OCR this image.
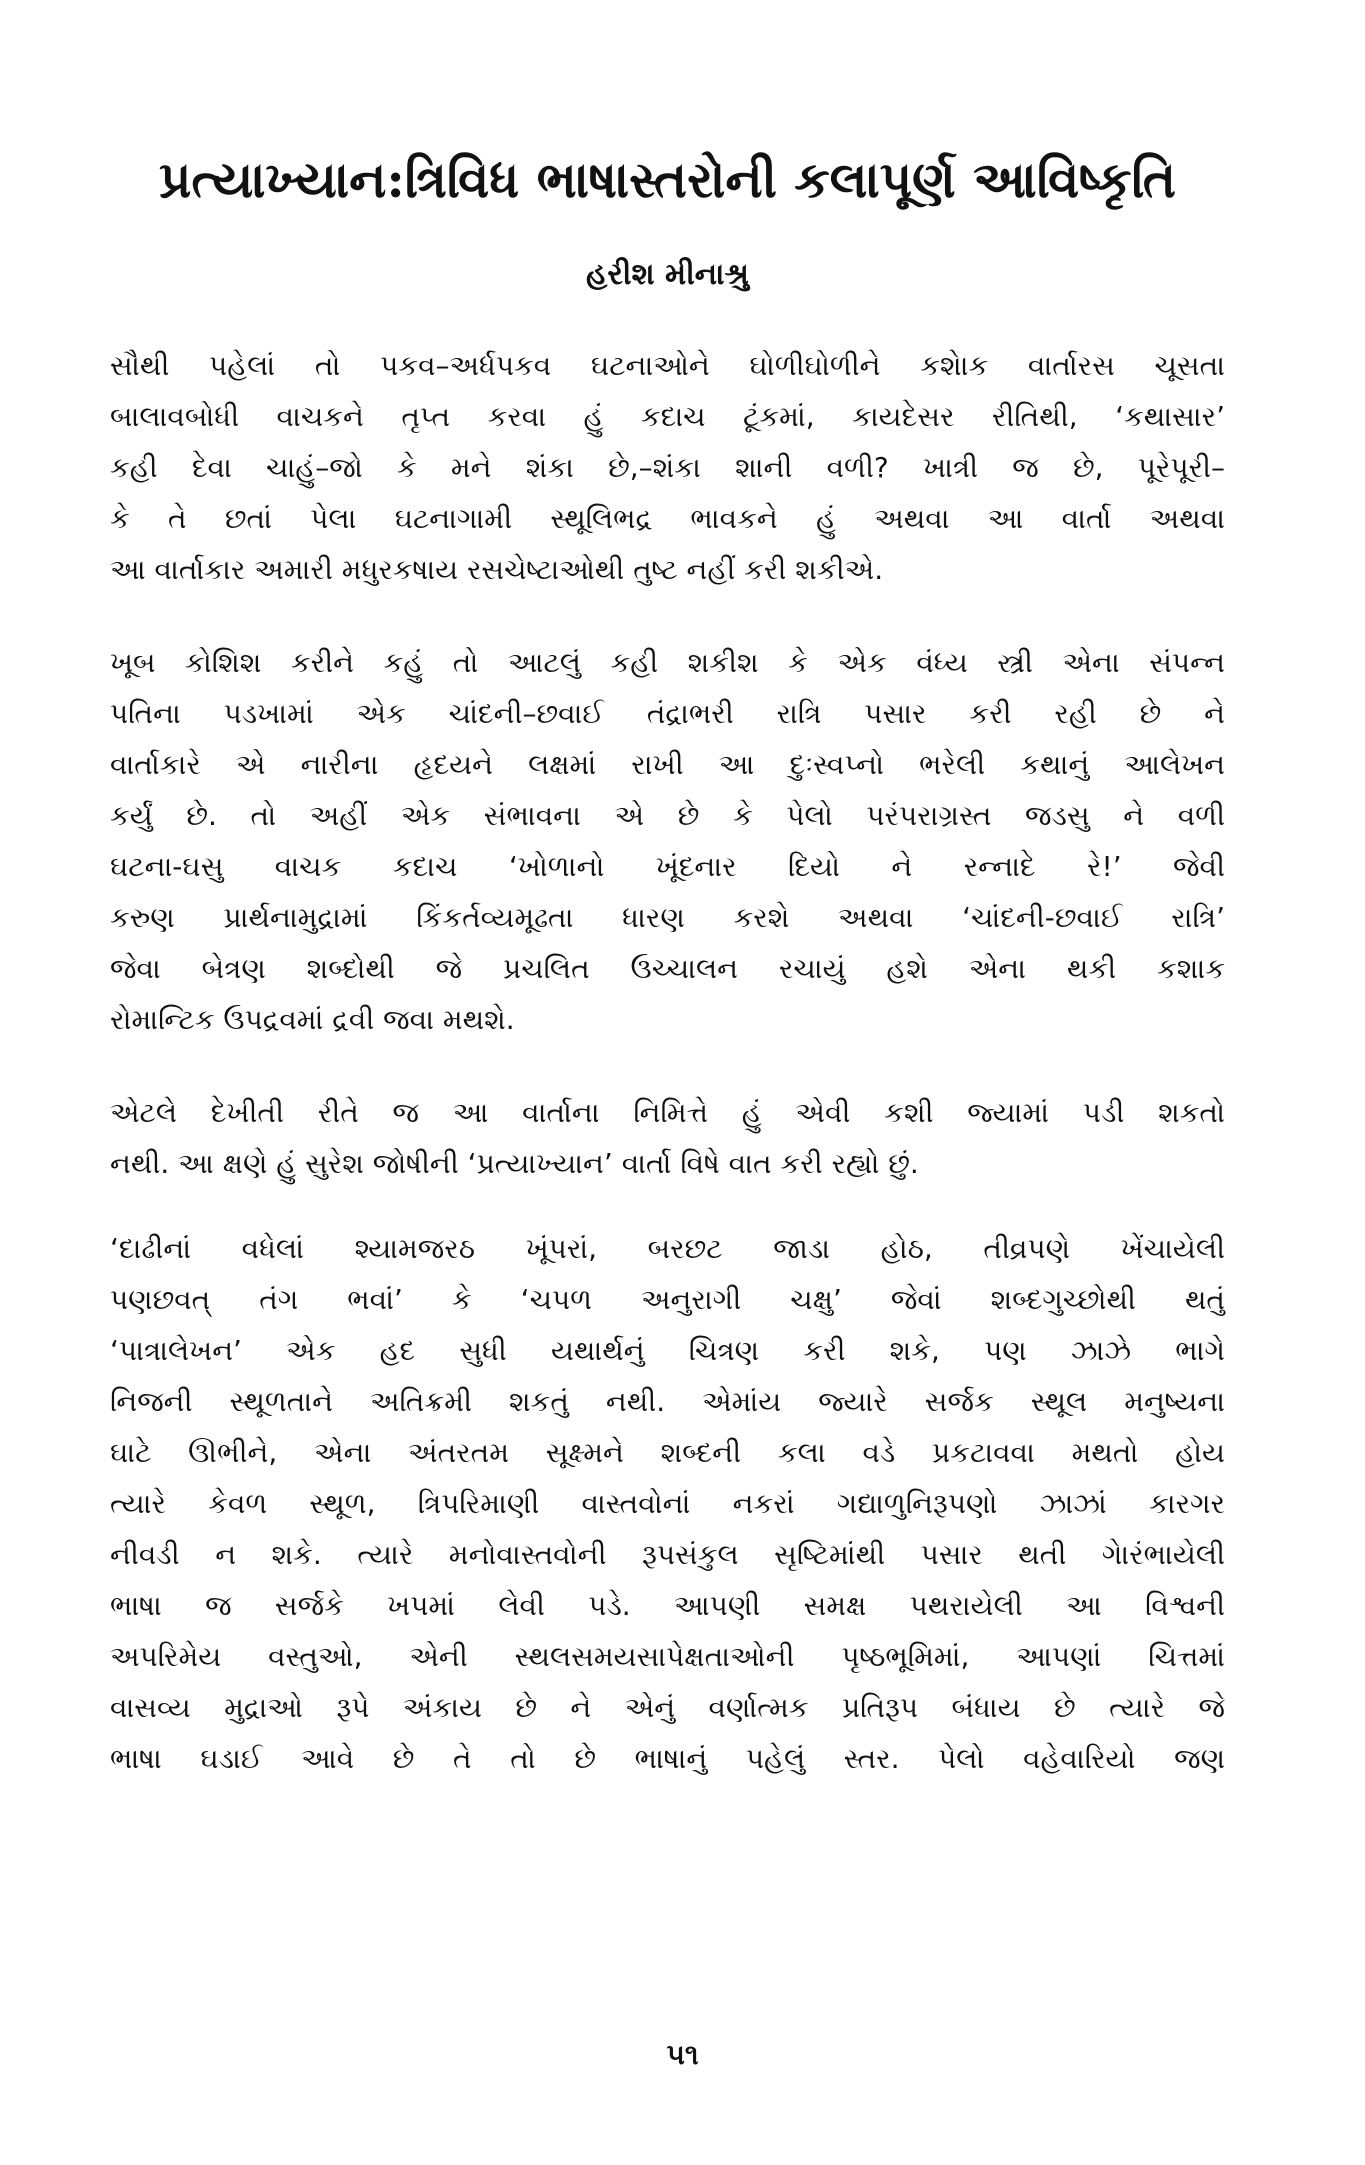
પ્રત્યાખ્યાન:ત્રિવિધ ભાષાસ્તરોની કલાપૂર્ણ આવિષ્કૃતિ
હરીશ મીનાશ્રુ
સૌથી પહેલાં તો પકવ–અર્ધપકવ ઘટનાઓને ઘોળીઘોળીને કશેાક વાર્તારસ ચૂસતા
બાલાવબોધી વાચકને તૃપ્ત કરવા હું કદાચ ટૂંકમાં, કાયદેસર રીતિથી, ‘કથાસાર’
કહી દેવા ચાહું–જો કે મને શંકા છે,–શંકા શાની વળી? ખાત્રી જ છે, પૂરેપૂરી–
કે તે છતાં પેલા ઘટનાગામી સ્થૂલિભદ્ર ભાવકને હું અથવા આ વાર્તા અથવા
આ વાર્તાકાર અમારી મધુરકષાય રસચેષ્ટાઓથી તુષ્ટ નહીં કરી શકીએ.
ખૂબ કોશિશ કરીને કહું તો આટલું કહી શકીશ કે એક વંધ્ય સ્ત્રી એના સંપન્ન
પતિના પડખામાં એક ચાંદની–છવાઈ તંદ્રાભરી રાત્રિ પસાર કરી રહી છે ને
વાર્તાકારે એ નારીના હૃદયને લક્ષમાં રાખી આ દુઃસ્વપ્નો ભરેલી કથાનું આલેખન
કર્યું છે. તો અહીં એક સંભાવના એ છે કે પેલો પરંપરાગ્રસ્ત જડસુ ને વળી
ઘટના-ઘસુ વાચક કદાચ ‘ખોળાનો ખૂંદનાર દિયો ને રન્નાદે રે!’ જેવી
કરુણ પ્રાર્થનામુદ્રામાં કિંકર્તવ્યમૂઢતા ધારણ કરશે અથવા ‘ચાંદની-છવાઈ રાત્રિ’
જેવા બેત્રણ શબ્દોથી જે પ્રચલિત ઉચ્ચાલન રચાયું હશે એના થકી કશાક
રોમાન્ટિક ઉપદ્રવમાં દ્રવી જવા મથશે.
એટલે દેખીતી રીતે જ આ વાર્તાના નિમિત્તે હું એવી કશી જ્યામાં પડી શકતો
નથી. આ ક્ષણે હું સુરેશ જોષીની ‘પ્રત્યાખ્યાન’ વાર્તા વિષે વાત કરી રહ્યો છું.
‘દાઢીનાં વધેલાં શ્યામજરઠ ખૂંપરાં, બરછટ જાડા હોઠ, તીવ્રપણે ખેંચાયેલી
પણછવત્ તંગ ભવાં’ કે ‘ચપળ અનુરાગી ચક્ષુ’ જેવાં શબ્દગુચ્છોથી થતું
‘પાત્રાલેખન’ એક હદ સુધી યથાર્થનું ચિત્રણ કરી શકે, પણ ઝાઝે ભાગે
નિજની સ્થૂળતાને અતિક્રમી શકતું નથી. એમાંય જ્યારે સર્જક સ્થૂલ મનુષ્યના
ઘાટે ઊભીને, એના અંતરતમ સૂક્ષ્મને શબ્દની કલા વડે પ્રકટાવવા મથતો હોય
ત્યારે કેવળ સ્થૂળ, ત્રિપરિમાણી વાસ્તવોનાં નકરાં ગદ્યાળુનિરૂપણો ઝાઝાં કારગર
નીવડી ન શકે. ત્યારે મનોવાસ્તવોની રૂપસંકુલ સૃષ્ટિમાંથી પસાર થતી ગેારંભાયેલી
ભાષા જ સર્જકે ખપમાં લેવી પડે. આપણી સમક્ષ પથરાયેલી આ વિશ્વની
અપરિમેય વસ્તુઓ, એની સ્થલસમયસાપેક્ષતાઓની પૃષ્ઠભૂમિમાં, આપણાં ચિત્તમાં
વાસવ્ય મુદ્રાઓ રૂપે અંકાય છે ને એનું વર્ણાત્મક પ્રતિરૂપ બંધાય છે ત્યારે જે
ભાષા ઘડાઈ આવે છે તે તો છે ભાષાનું પહેલું સ્તર. પેલો વહેવારિયો જણ
૫૧
